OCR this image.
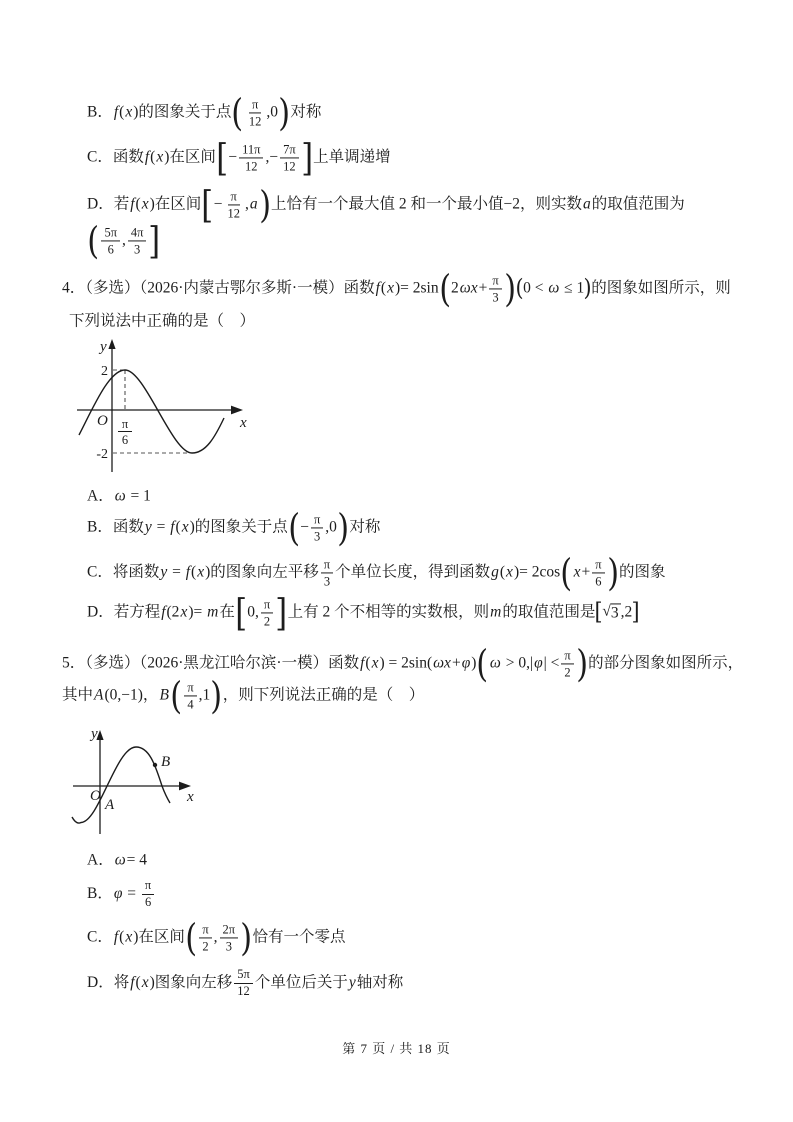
B． f ( x ) 的图象关于点 ( $\frac{\pi}{12} ,0$ ) 对称
C．函数 f ( x ) 在区间 [ − $\frac{11\pi}{12}$ ,− $\frac{7\pi}{12}$ ] 上单调递增
D．若 f ( x ) 在区间 [ − $\frac{\pi}{12}$ , a ) 上恰有一个最大值 2 和一个最小值−2，则实数 a 的取值范围为
( $\frac{5\pi}{6}$ , $\frac{4\pi}{3}$ ]
4．（多选）（2026·内蒙古鄂尔多斯·一模）函数 f ( x ) = 2sin ( 2 $\omega x + \frac{\pi}{3}$ ) ( 0 < ω ≤ 1 ) 的图象如图所示，则
下列说法中正确的是（　）
A． ω = 1
B．函数 y = f ( x ) 的图象关于点 ( − $\frac{\pi}{3} ,0$ ) 对称
C．将函数 y = f ( x ) 的图象向左平移 $\frac{\pi}{3}$ 个单位长度，得到函数 g ( x ) = 2cos ( $x + \frac{\pi}{6}$ ) 的图象
D．若方程 f (2 x )= m 在 [ 0, $\frac{\pi}{2}$ ] 上有 2 个不相等的实数根，则 m 的取值范围是 [ √ 3 ,2 ]
5．（多选）（2026·黑龙江哈尔滨·一模）函数 f ( x ) = 2sin( ωx + φ ) ( ω > 0,| φ | < $\frac{\pi}{2}$ ) 的部分图象如图所示，
其中 A (0,−1)， B ( $\frac{\pi}{4} ,1$ ) ，则下列说法正确的是（　）
A． ω = 4
B． $\varphi = \frac{\pi}{6}$
C． f ( x ) 在区间 ( $\frac{\pi}{2}$ , $\frac{2\pi}{3}$ ) 恰有一个零点
D．将 f ( x ) 图象向左移 $\frac{5\pi}{12}$ 个单位后关于 y 轴对称
y
x
O
2
-2
π
6
y
x
O
A
B
第 7 页 / 共 18 页
